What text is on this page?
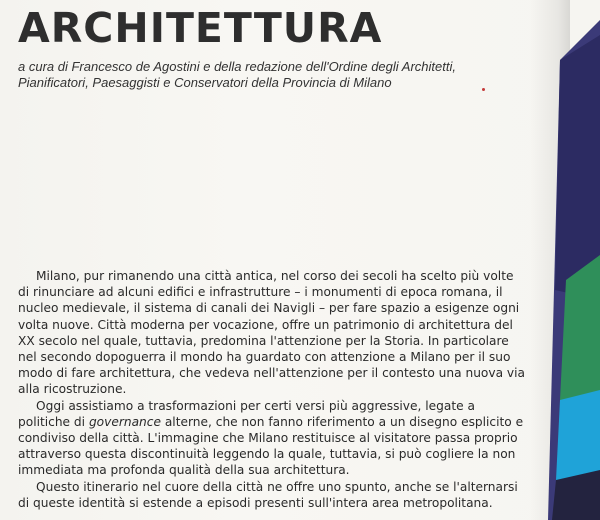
ARCHITETTURA
a cura di Francesco de Agostini e della redazione dell'Ordine degli Architetti,
Pianificatori, Paesaggisti e Conservatori della Provincia di Milano

Milano, pur rimanendo una città antica, nel corso dei secoli ha scelto più volte di rinunciare ad alcuni edifici e infrastrutture – i monumenti di epoca romana, il nucleo medievale, il sistema di canali dei Navigli – per fare spazio a esigenze ogni volta nuove. Città moderna per vocazione, offre un patrimonio di architettura del XX secolo nel quale, tuttavia, predomina l'attenzione per la Storia. In particolare nel secondo dopoguerra il mondo ha guardato con attenzione a Milano per il suo modo di fare architettura, che vedeva nell'attenzione per il contesto una nuova via alla ricostruzione.

Oggi assistiamo a trasformazioni per certi versi più aggressive, legate a politiche di governance alterne, che non fanno riferimento a un disegno esplicito e condiviso della città. L'immagine che Milano restituisce al visitatore passa proprio attraverso questa discontinuità leggendo la quale, tuttavia, si può cogliere la non immediata ma profonda qualità della sua architettura.

Questo itinerario nel cuore della città ne offre uno spunto, anche se l'alternarsi di queste identità si estende a episodi presenti sull'intera area metropolitana.
